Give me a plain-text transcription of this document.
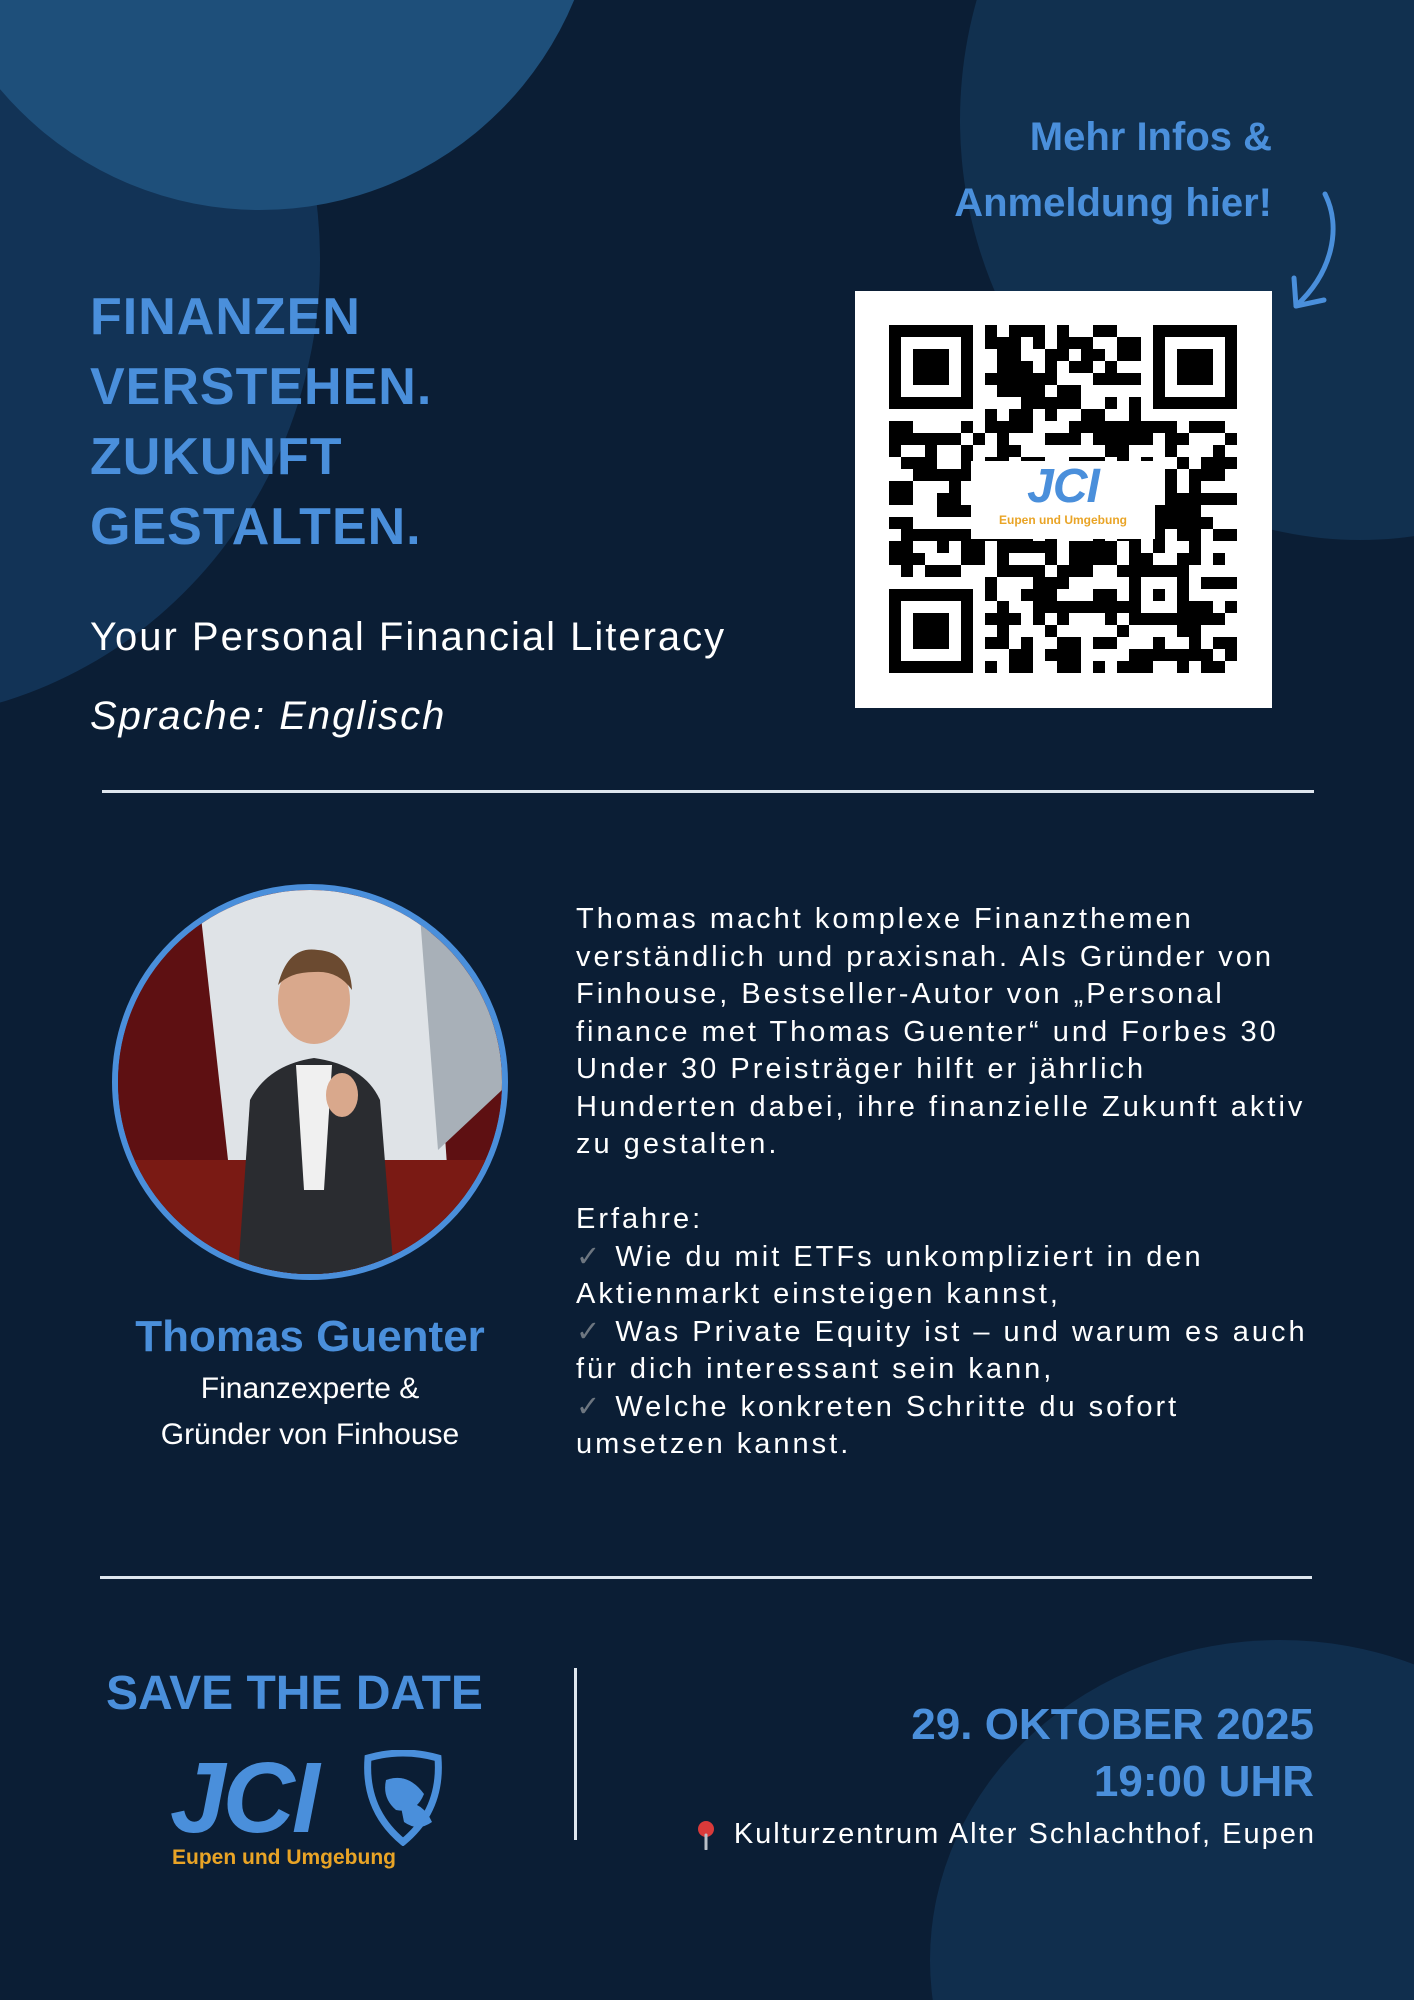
FINANZEN
VERSTEHEN.
ZUKUNFT
GESTALTEN.
Your Personal Financial Literacy
Sprache: Englisch
Mehr Infos &
Anmeldung hier!
JCI
Eupen und Umgebung
Thomas Guenter
Finanzexperte &
Gründer von Finhouse

Thomas macht komplexe Finanzthemen verständlich und praxisnah. Als Gründer von Finhouse, Bestseller-Autor von „Personal finance met Thomas Guenter“ und Forbes 30 Under 30 Preisträger hilft er jährlich Hunderten dabei, ihre finanzielle Zukunft aktiv zu gestalten.

Erfahre:

✓ Wie du mit ETFs unkompliziert in den Aktienmarkt einsteigen kannst,

✓ Was Private Equity ist – und warum es auch für dich interessant sein kann,

✓ Welche konkreten Schritte du sofort umsetzen kannst.

SAVE THE DATE
JCI
Eupen und Umgebung
29. OKTOBER 2025
19:00 UHR
Kulturzentrum Alter Schlachthof, Eupen
